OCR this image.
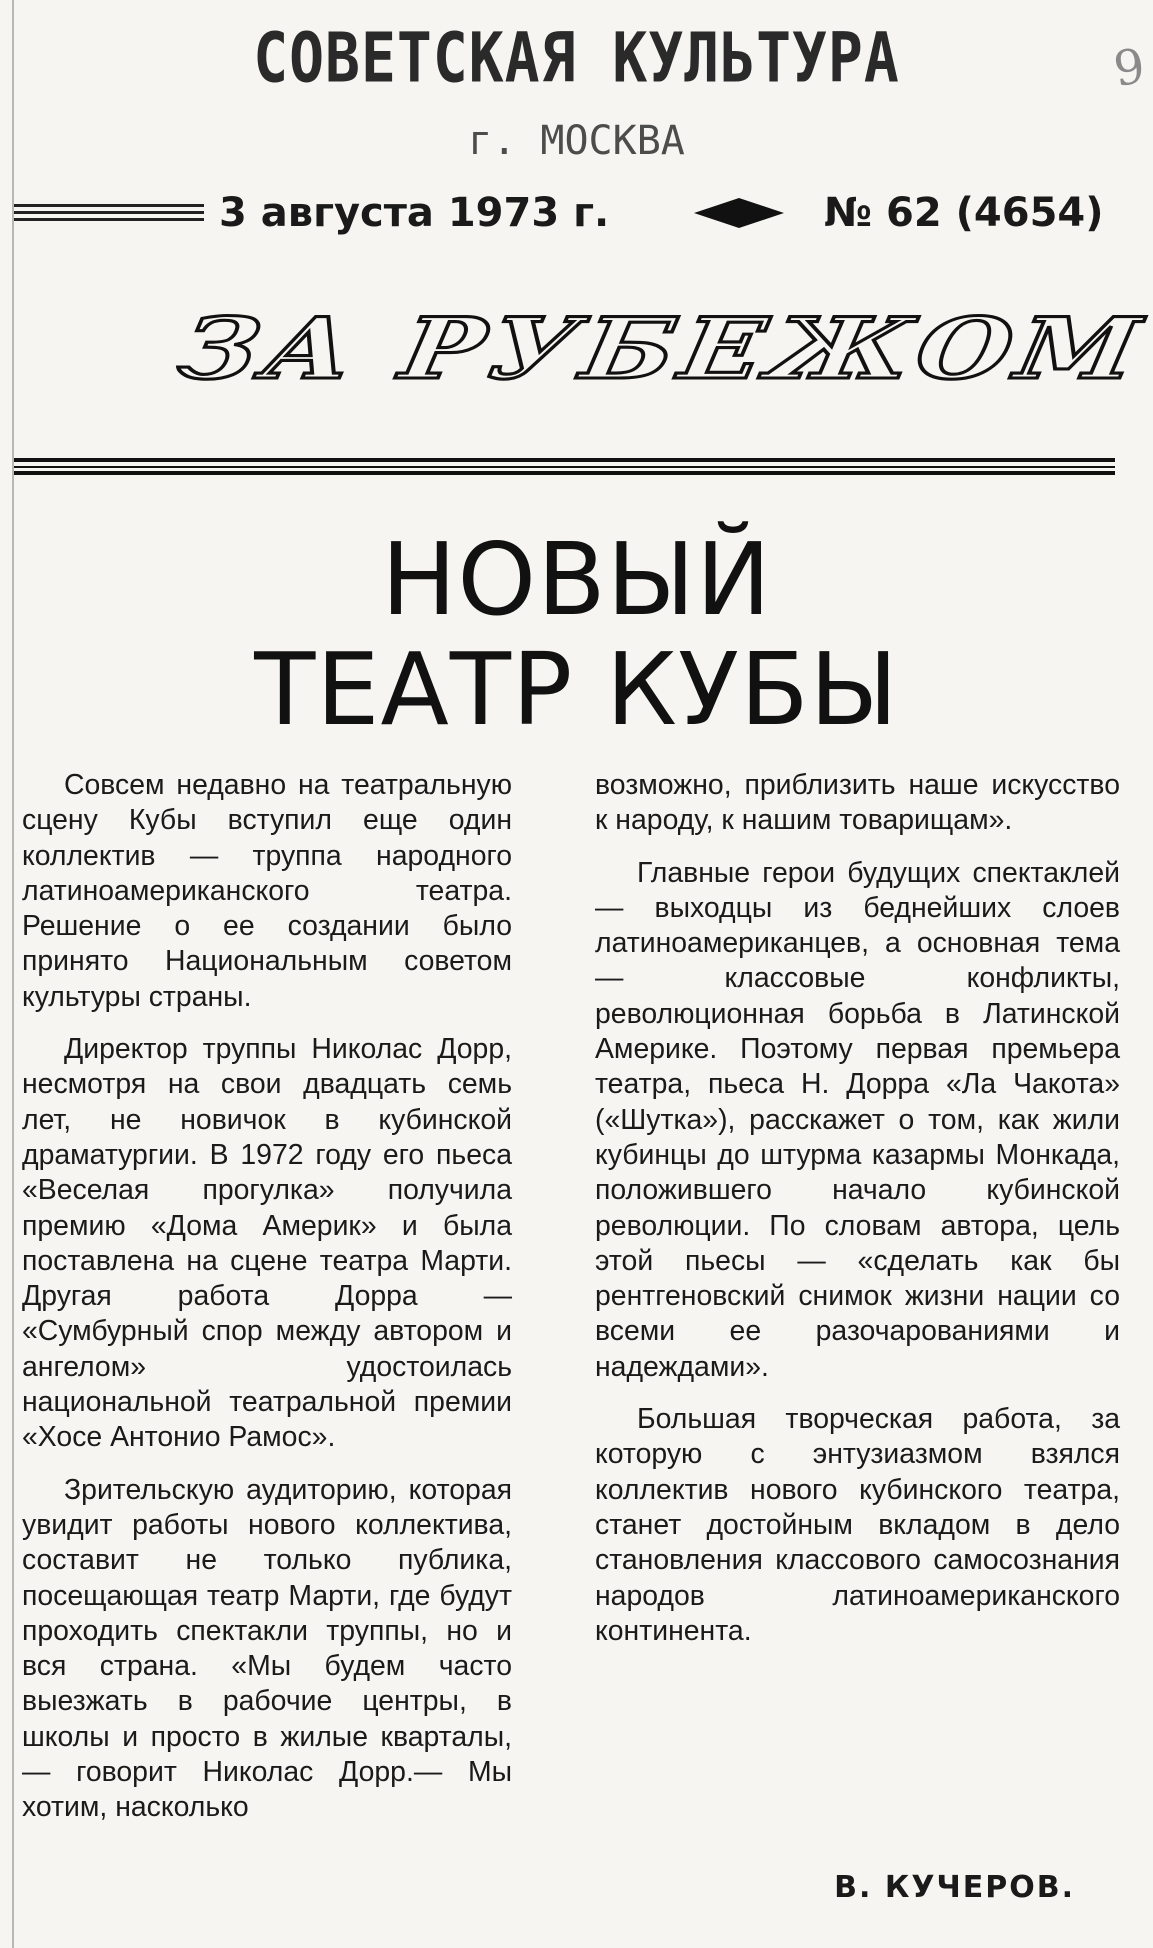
СОВЕТСКАЯ КУЛЬТУРА
г. МОСКВА
9
3 августа 1973 г.	№ 62 (4654)
ЗА РУБЕЖОМ
НОВЫЙ
ТЕАТР КУБЫ

Совсем недавно на театральную сцену Кубы вступил еще один коллектив — труппа народного латиноамериканского театра. Решение о ее создании было принято Национальным советом культуры страны.

Директор труппы Николас Дорр, несмотря на свои двадцать семь лет, не новичок в кубинской драматургии. В 1972 году его пьеса «Веселая прогулка» получила премию «Дома Америк» и была поставлена на сцене театра Марти. Другая работа Дорра — «Сумбурный спор между автором и ангелом» удостоилась национальной театральной премии «Хосе Антонио Рамос».

Зрительскую аудиторию, которая увидит работы нового коллектива, составит не только публика, посещающая театр Марти, где будут проходить спектакли труппы, но и вся страна. «Мы будем часто выезжать в рабочие центры, в школы и просто в жилые кварталы,— говорит Николас Дорр.— Мы хотим, насколько

возможно, приблизить наше искусство к народу, к нашим товарищам».

Главные герои будущих спектаклей — выходцы из беднейших слоев латиноамериканцев, а основная тема — классовые конфликты, революционная борьба в Латинской Америке. Поэтому первая премьера театра, пьеса Н. Дорра «Ла Чакота» («Шутка»), расскажет о том, как жили кубинцы до штурма казармы Монкада, положившего начало кубинской революции. По словам автора, цель этой пьесы — «сделать как бы рентгеновский снимок жизни нации со всеми ее разочарованиями и надеждами».

Большая творческая работа, за которую с энтузиазмом взялся коллектив нового кубинского театра, станет достойным вкладом в дело становления классового самосознания народов латиноамериканского континента.

В. КУЧЕРОВ.
